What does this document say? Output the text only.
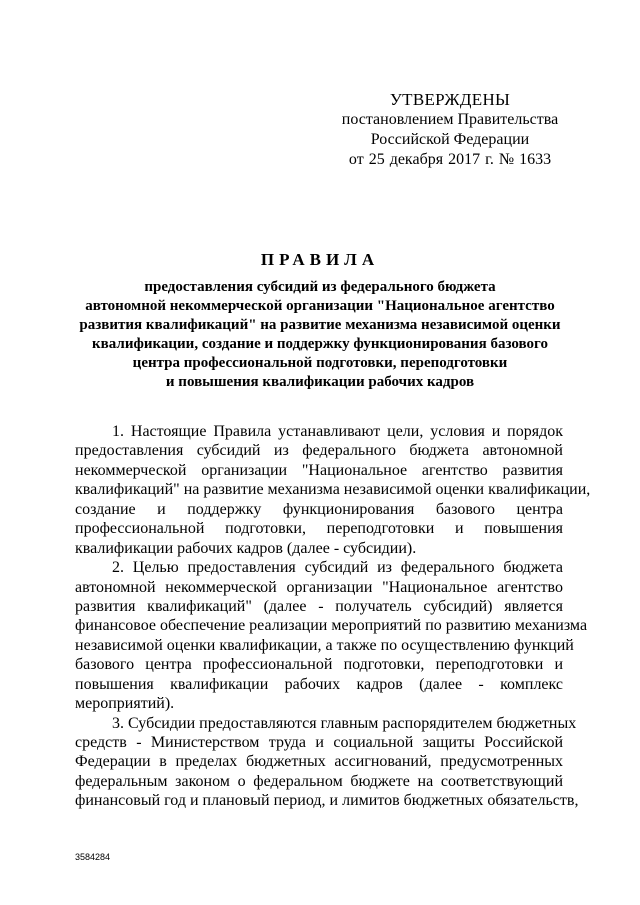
УТВЕРЖДЕНЫ
постановлением Правительства
Российской Федерации
от 25 декабря 2017 г. № 1633
ПРАВИЛА
предоставления субсидий из федерального бюджета
автономной некоммерческой организации "Национальное агентство
развития квалификаций" на развитие механизма независимой оценки
квалификации, создание и поддержку функционирования базового
центра профессиональной подготовки, переподготовки
и повышения квалификации рабочих кадров
1. Настоящие Правила устанавливают цели, условия и порядок
предоставления субсидий из федерального бюджета автономной
некоммерческой организации "Национальное агентство развития
квалификаций" на развитие механизма независимой оценки квалификации,
создание и поддержку функционирования базового центра
профессиональной подготовки, переподготовки и повышения
квалификации рабочих кадров (далее - субсидии).
2. Целью предоставления субсидий из федерального бюджета
автономной некоммерческой организации "Национальное агентство
развития квалификаций" (далее - получатель субсидий) является
финансовое обеспечение реализации мероприятий по развитию механизма
независимой оценки квалификации, а также по осуществлению функций
базового центра профессиональной подготовки, переподготовки и
повышения квалификации рабочих кадров (далее - комплекс
мероприятий).
3. Субсидии предоставляются главным распорядителем бюджетных
средств - Министерством труда и социальной защиты Российской
Федерации в пределах бюджетных ассигнований, предусмотренных
федеральным законом о федеральном бюджете на соответствующий
финансовый год и плановый период, и лимитов бюджетных обязательств,
3584284
